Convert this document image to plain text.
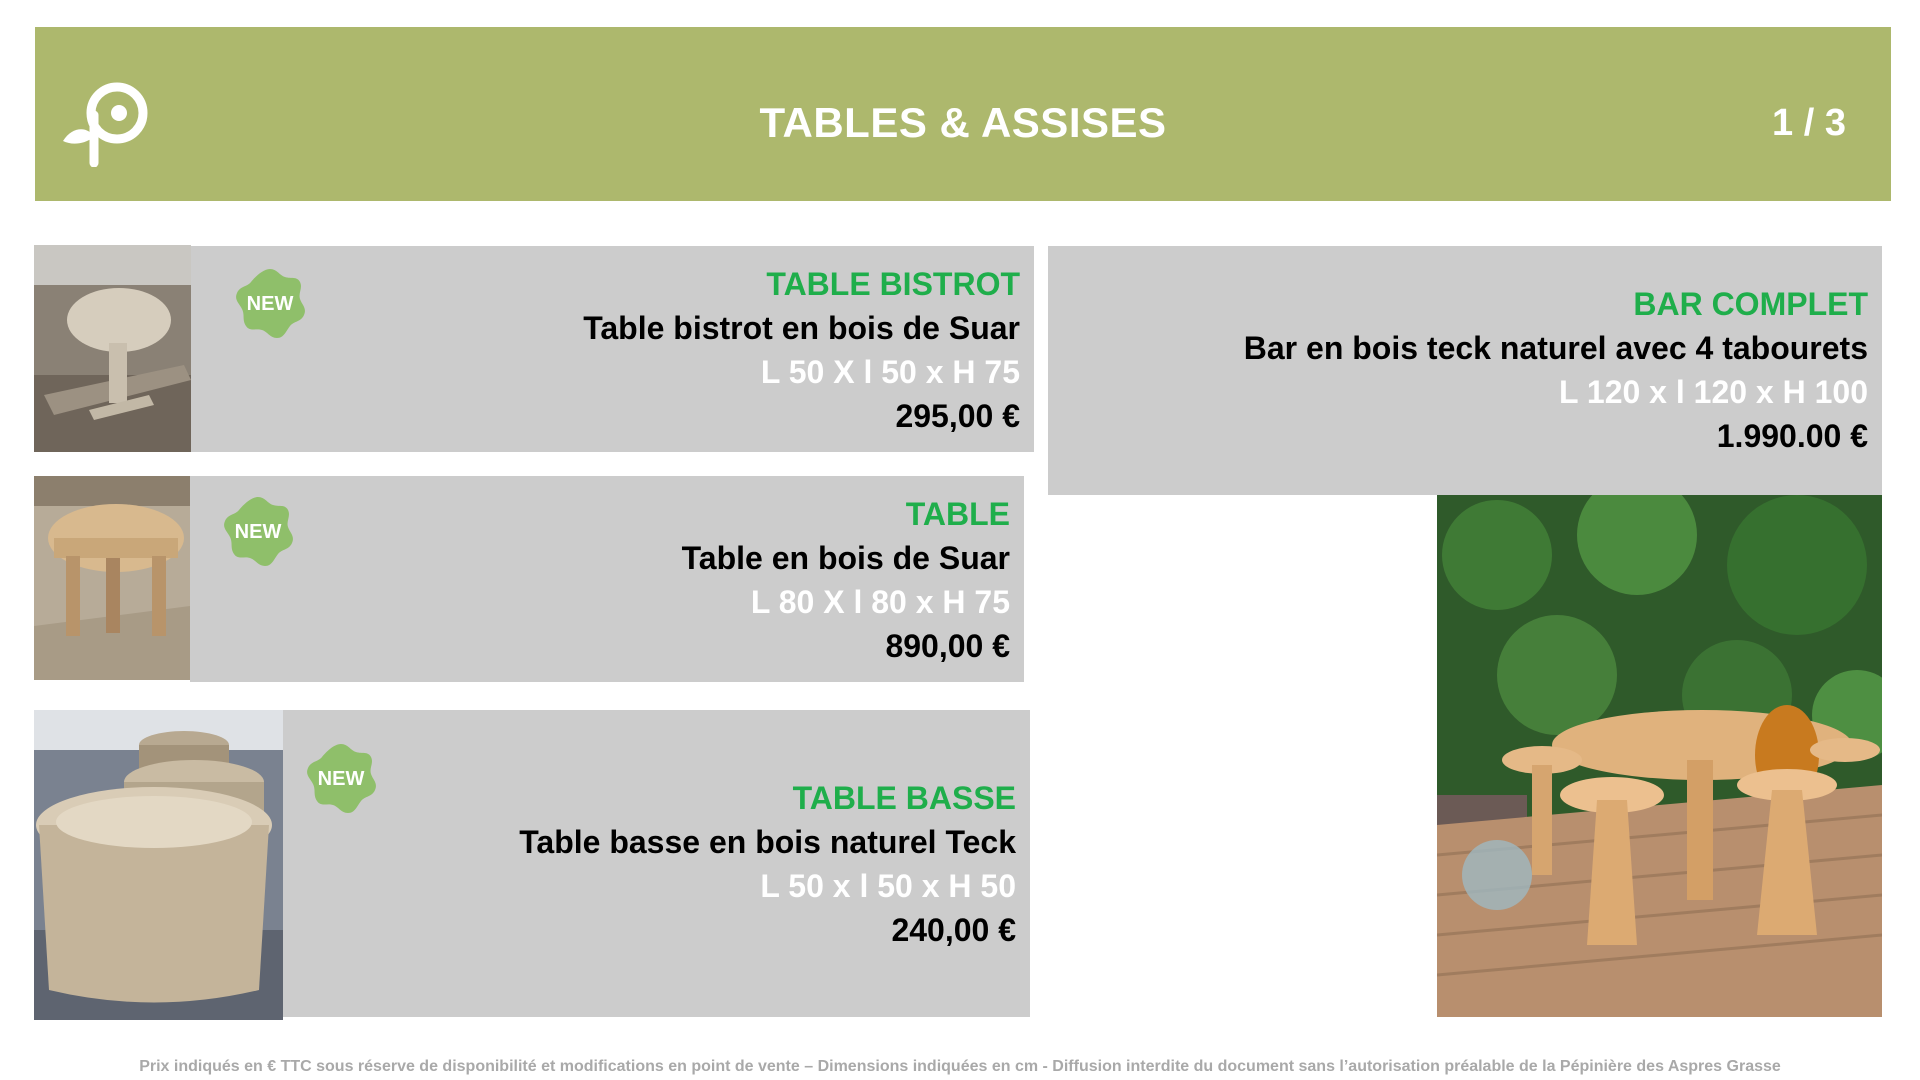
TABLES & ASSISES	1 / 3
NEW
TABLE BISTROT
Table bistrot en bois de Suar
L 50 X l 50 x H 75
295,00 €
NEW	TABLE
Table en bois de Suar
L 80 X l 80 x H 75
890,00 €
NEW
TABLE BASSE
Table basse en bois naturel Teck
L 50 x l 50 x H 50
240,00 €
BAR COMPLET
Bar en bois teck naturel avec 4 tabourets
L 120 x l 120 x H 100
1.990.00 €
Prix indiqués en € TTC sous réserve de disponibilité et modifications en point de vente – Dimensions indiquées en cm - Diffusion interdite du document sans l’autorisation préalable de la Pépinière des Aspres Grasse
